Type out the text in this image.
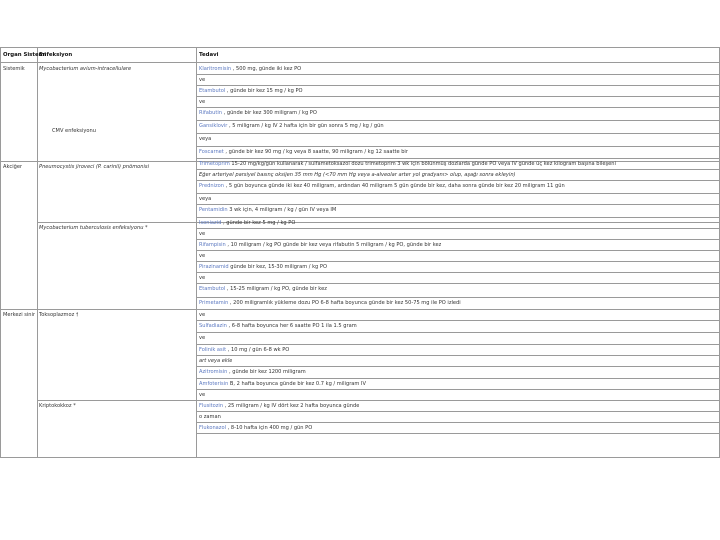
Organ Sistemi
Enfeksiyon	Tedavi
Sistemik
Akciğer
Merkezi sinir
Mycobacterium avium-intracellulare
CMV enfeksiyonu
Pneumocystis jiroveci (P. carinii) pnömonisi
Mycobacterium tuberculosis enfeksiyonu *
Toksoplazmoz †
Kriptokokkoz *
Klaritromisin , 500 mg, günde iki kez PO
ve
Etambutol , günde bir kez 15 mg / kg PO
ve
Rifabutin , günde bir kez 300 miligram / kg PO
Gansiklovir , 5 miligram / kg IV 2 hafta için bir gün sonra 5 mg / kg / gün
veya
Foscarnet , günde bir kez 90 mg / kg veya 8 saatte, 90 miligram / kg 12 saatte bir
Trimetoprim 15-20 mg/kg/gün kullanarak / sulfametoksazol dozu trimetoprim 3 wk için bölünmüş dozlarda günde PO veya IV günde üç kez kilogram başına bileşeni
Eğer arteriyel parsiyel basınç oksijen 35 mm Hg (<70 mm Hg veya a-alveolar arter yol gradyanı> olup, aşağı sonra ekleyin)
Prednizon , 5 gün boyunca günde iki kez 40 miligram, ardından 40 miligram 5 gün günde bir kez, daha sonra günde bir kez 20 miligram 11 gün
veya
Pentamidin 3 wk için, 4 miligram / kg / gün IV veya IM
Isoniazid , günde bir kez 5 mg / kg PO
ve
Rifampisin , 10 miligram / kg PO günde bir kez veya rifabutin 5 miligram / kg PO, günde bir kez
ve
Pirazinamid günde bir kez, 15-30 miligram / kg PO
ve
Etambutol , 15-25 miligram / kg PO, günde bir kez
Primetamin , 200 miligramlık yükleme dozu PO 6-8 hafta boyunca günde bir kez 50-75 mg ile PO izledi
ve
Sulfadiazin , 6-8 hafta boyunca her 6 saatte PO 1 ila 1.5 gram
ve
Folinik asit , 10 mg / gün 6-8 wk PO
art veya ekle
Azitromisin , günde bir kez 1200 miligram
Amfoterisin B, 2 hafta boyunca günde bir kez 0.7 kg / miligram IV
ve
Flusitozin , 25 miligram / kg IV dört kez 2 hafta boyunca günde
o zaman
Flukonazol , 8-10 hafta için 400 mg / gün PO
